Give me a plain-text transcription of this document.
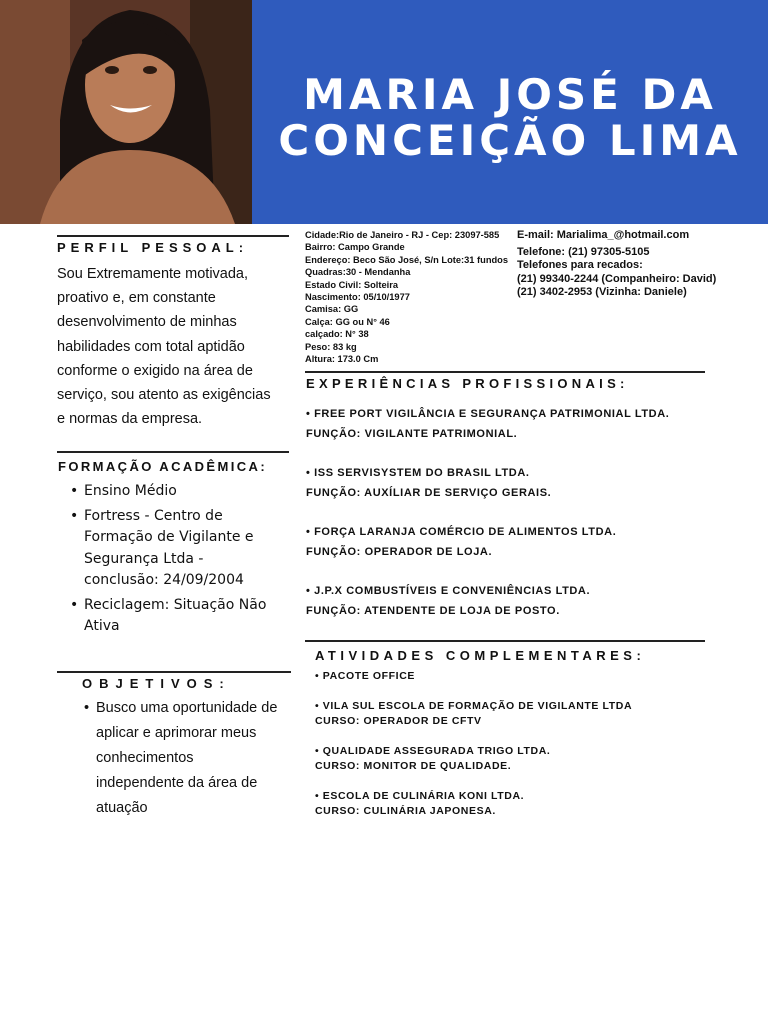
MARIA JOSÉ DA
CONCEIÇÃO LIMA
PERFIL PESSOAL:
Sou Extremamente motivada, proativo e, em constante desenvolvimento de minhas habilidades com total aptidão conforme o exigido na área de serviço, sou atento as exigências e normas da empresa.
FORMAÇÃO ACADÊMICA:
• Ensino Médio
• Fortress - Centro de Formação de Vigilante e Segurança Ltda - conclusão: 24/09/2004
• Reciclagem: Situação Não Ativa
OBJETIVOS:
• Busco uma oportunidade de aplicar e aprimorar meus conhecimentos independente da área de atuação
Cidade:Rio de Janeiro - RJ - Cep: 23097-585
Bairro: Campo Grande
Endereço: Beco São José, S/n Lote:31 fundos
Quadras:30 - Mendanha
Estado Civil: Solteira
Nascimento: 05/10/1977
Camisa: GG
Calça: GG ou N° 46
calçado: N° 38
Peso: 83 kg
Altura: 173.0 Cm
E-mail: Marialima_@hotmail.com
Telefone: (21) 97305-5105
Telefones para recados:
(21) 99340-2244 (Companheiro: David)
(21) 3402-2953 (Vizinha: Daniele)
EXPERIÊNCIAS PROFISSIONAIS:
• FREE PORT VIGILÂNCIA E SEGURANÇA PATRIMONIAL LTDA.
FUNÇÃO: VIGILANTE PATRIMONIAL.
• ISS SERVISYSTEM DO BRASIL LTDA.
FUNÇÃO: AUXÍLIAR DE SERVIÇO GERAIS.
• FORÇA LARANJA COMÉRCIO DE ALIMENTOS LTDA.
FUNÇÃO: OPERADOR DE LOJA.
• J.P.X COMBUSTÍVEIS E CONVENIÊNCIAS LTDA.
FUNÇÃO: ATENDENTE DE LOJA DE POSTO.
ATIVIDADES COMPLEMENTARES:
• PACOTE OFFICE
• VILA SUL ESCOLA DE FORMAÇÃO DE VIGILANTE LTDA
CURSO: OPERADOR DE CFTV
• QUALIDADE ASSEGURADA TRIGO LTDA.
CURSO: MONITOR DE QUALIDADE.
• ESCOLA DE CULINÁRIA KONI LTDA.
CURSO: CULINÁRIA JAPONESA.
